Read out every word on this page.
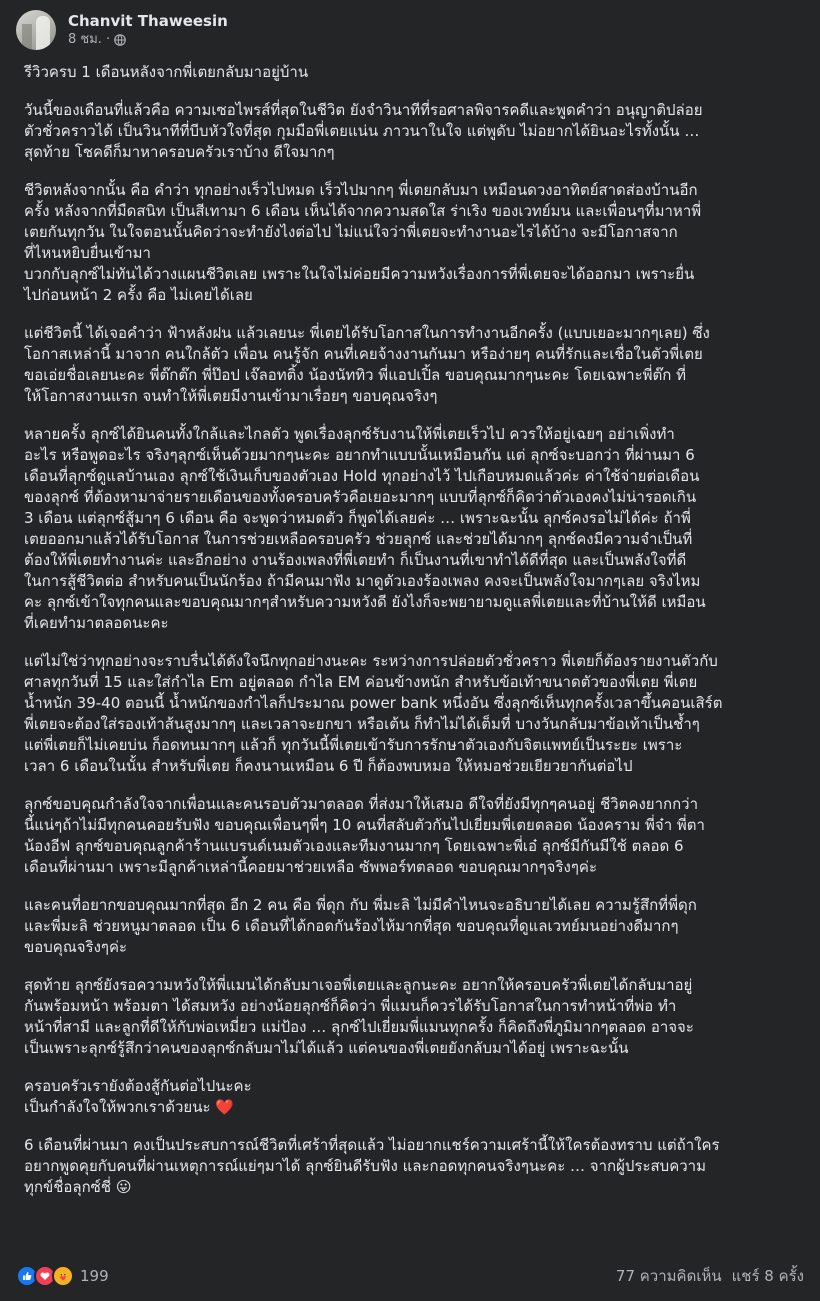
Chanvit Thaweesin
8 ชม. ·

รีวิวครบ 1 เดือนหลังจากพี่เตยกลับมาอยู่บ้าน

วันนี้ของเดือนที่แล้วคือ ความเซอไพรส์ที่สุดในชีวิต ยังจำวินาทีที่รอศาลพิจารคดีและพูดคำว่า อนุญาติปล่อย
ตัวชั่วคราวได้ เป็นวินาทีที่บีบหัวใจที่สุด กุมมือพี่เตยแน่น ภาวนาในใจ แต่พูดับ ไม่อยากได้ยินอะไรทั้งนั้น …
สุดท้าย โชคดีก็มาหาครอบครัวเราบ้าง ดีใจมากๆ

ชีวิตหลังจากนั้น คือ คำว่า ทุกอย่างเร็วไปหมด เร็วไปมากๆ พี่เตยกลับมา เหมือนดวงอาทิตย์สาดส่องบ้านอีก
ครั้ง หลังจากที่มืดสนิท เป็นสีเทามา 6 เดือน เห็นได้จากความสดใส ร่าเริง ของเวทย์มน และเพื่อนๆที่มาหาพี่
เตยกันทุกวัน ในใจตอนนั้นคิดว่าจะทำยังไงต่อไป ไม่แน่ใจว่าพี่เตยจะทำงานอะไรได้บ้าง จะมีโอกาสจาก
ที่ไหนหยิบยื่นเข้ามา
บวกกับลุกซ์ไม่ทันได้วางแผนชีวิตเลย เพราะในใจไม่ค่อยมีความหวังเรื่องการที่พี่เตยจะได้ออกมา เพราะยื่น
ไปก่อนหน้า 2 ครั้ง คือ ไม่เคยได้เลย

แต่ชีวิตนี้ ได้เจอคำว่า ฟ้าหลังฝน แล้วเลยนะ พี่เตยได้รับโอกาสในการทำงานอีกครั้ง (แบบเยอะมากๆเลย) ซึ่ง
โอกาสเหล่านี้ มาจาก คนใกล้ตัว เพื่อน คนรู้จัก คนที่เคยจ้างงานกันมา หรือง่ายๆ คนที่รักและเชื่อในตัวพี่เตย
ขอเอ่ยชื่อเลยนะคะ พี่ต๊กต๊ก พี่ป๊อป เจ๊ลอทติ้ง น้องนัททิว พี่แอปเปิ้ล ขอบคุณมากๆนะคะ โดยเฉพาะพี่ต๊ก ที่
ให้โอกาสงานแรก จนทำให้พี่เตยมีงานเข้ามาเรื่อยๆ ขอบคุณจริงๆ

หลายครั้ง ลุกซ์ได้ยินคนทั้งใกล้และไกลตัว พูดเรื่องลุกซ์รับงานให้พี่เตยเร็วไป ควรให้อยู่เฉยๆ อย่าเพิ่งทำ
อะไร หรือพูดอะไร จริงๆลุกซ์เห็นด้วยมากๆนะคะ อยากทำแบบนั้นเหมือนกัน แต่ ลุกซ์จะบอกว่า ที่ผ่านมา 6
เดือนที่ลุกซ์ดูแลบ้านเอง ลุกซ์ใช้เงินเก็บของตัวเอง Hold ทุกอย่างไว้ ไปเกือบหมดแล้วค่ะ ค่าใช้จ่ายต่อเดือน
ของลุกซ์ ที่ต้องหามาจ่ายรายเดือนของทั้งครอบครัวคือเยอะมากๆ แบบที่ลุกซ์ก็คิดว่าตัวเองคงไม่น่ารอดเกิน
3 เดือน แต่ลุกซ์สู้มาๆ 6 เดือน คือ จะพูดว่าหมดตัว ก็พูดได้เลยค่ะ … เพราะฉะนั้น ลุกซ์คงรอไม่ได้ค่ะ ถ้าพี่
เตยออกมาแล้วได้รับโอกาส ในการช่วยเหลือครอบครัว ช่วยลุกซ์ และช่วยได้มากๆ ลุกซ์คงมีความจำเป็นที่
ต้องให้พี่เตยทำงานค่ะ และอีกอย่าง งานร้องเพลงที่พี่เตยทำ ก็เป็นงานที่เขาทำได้ดีที่สุด และเป็นพลังใจที่ดี
ในการสู้ชีวิตต่อ สำหรับคนเป็นนักร้อง ถ้ามีคนมาฟัง มาดูตัวเองร้องเพลง คงจะเป็นพลังใจมากๆเลย จริงไหม
คะ ลุกซ์เข้าใจทุกคนและขอบคุณมากๆสำหรับความหวังดี ยังไงก็จะพยายามดูแลพี่เตยและที่บ้านให้ดี เหมือน
ที่เคยทำมาตลอดนะคะ

แต่ไม่ใช่ว่าทุกอย่างจะราบรื่นได้ดังใจนึกทุกอย่างนะคะ ระหว่างการปล่อยตัวชั่วคราว พี่เตยก็ต้องรายงานตัวกับ
ศาลทุกวันที่ 15 และใส่กำไล Em อยู่ตลอด กำไล EM ค่อนข้างหนัก สำหรับข้อเท้าขนาดตัวของพี่เตย พี่เตย
น้ำหนัก 39-40 ตอนนี้ น้ำหนักของกำไลก็ประมาณ power bank หนึ่งอัน ซึ่งลุกซ์เห็นทุกครั้งเวลาขึ้นคอนเสิร์ต
พี่เตยจะต้องใส่รองเท้าส้นสูงมากๆ และเวลาจะยกขา หรือเต้น ก็ทำไม่ได้เต็มที่ บางวันกลับมาข้อเท้าเป็นช้ำๆ
แต่พี่เตยก็ไม่เคยบ่น ก็อดทนมากๆ แล้วก็ ทุกวันนี้พี่เตยเข้ารับการรักษาตัวเองกับจิตแพทย์เป็นระยะ เพราะ
เวลา 6 เดือนในนั้น สำหรับพี่เตย ก็คงนานเหมือน 6 ปี ก็ต้องพบหมอ ให้หมอช่วยเยียวยากันต่อไป

ลุกซ์ขอบคุณกำลังใจจากเพื่อนและคนรอบตัวมาตลอด ที่ส่งมาให้เสมอ ดีใจที่ยังมีทุกๆคนอยู่ ชีวิตคงยากกว่า
นี้แน่ๆถ้าไม่มีทุกคนคอยรับฟัง ขอบคุณเพื่อนๆพี่ๆ 10 คนที่สลับตัวกันไปเยี่ยมพี่เตยตลอด น้องคราม พี่จ๋า พี่ตา
น้องอีฟ ลุกซ์ขอบคุณลูกค้าร้านแบรนด์เนมตัวเองและทีมงานมากๆ โดยเฉพาะพี่เอ๋ ลุกซ์มีกันมีใช้ ตลอด 6
เดือนที่ผ่านมา เพราะมีลูกค้าเหล่านี้คอยมาช่วยเหลือ ซัพพอร์ทตลอด ขอบคุณมากๆจริงๆค่ะ

และคนที่อยากขอบคุณมากที่สุด อีก 2 คน คือ พี่ดุก กับ พี่มะลิ ไม่มีคำไหนจะอธิบายได้เลย ความรู้สึกที่พี่ดุก
และพี่มะลิ ช่วยหนูมาตลอด เป็น 6 เดือนที่ได้กอดกันร้องไห้มากที่สุด ขอบคุณที่ดูแลเวทย์มนอย่างดีมากๆ
ขอบคุณจริงๆค่ะ

สุดท้าย ลุกซ์ยังรอความหวังให้พี่แมนได้กลับมาเจอพี่เตยและลูกนะคะ อยากให้ครอบครัวพี่เตยได้กลับมาอยู่
กันพร้อมหน้า พร้อมตา ได้สมหวัง อย่างน้อยลุกซ์ก็คิดว่า พี่แมนก็ควรได้รับโอกาสในการทำหน้าที่พ่อ ทำ
หน้าที่สามี และลูกที่ดีให้กับพ่อเหมี่ยว แม่ป้อง … ลุกซ์ไปเยี่ยมพี่แมนทุกครั้ง ก็คิดถึงพี่ภูมิมากๆตลอด อาจจะ
เป็นเพราะลุกซ์รู้สึกว่าคนของลุกซ์กลับมาไม่ได้แล้ว แต่คนของพี่เตยยังกลับมาได้อยู่ เพราะฉะนั้น

ครอบครัวเรายังต้องสู้กันต่อไปนะคะ
เป็นกำลังใจให้พวกเราด้วยนะ ❤️

6 เดือนที่ผ่านมา คงเป็นประสบการณ์ชีวิตที่เศร้าที่สุดแล้ว ไม่อยากแชร์ความเศร้านี้ให้ใครต้องทราบ แต่ถ้าใคร
อยากพูดคุยกับคนที่ผ่านเหตุการณ์แย่ๆมาได้ ลุกซ์ยินดีรับฟัง และกอดทุกคนจริงๆนะคะ … จากผู้ประสบความ
ทุกข์ชื่อลุกซ์ชี่ 😛

199	77 ความคิดเห็น แชร์ 8 ครั้ง
